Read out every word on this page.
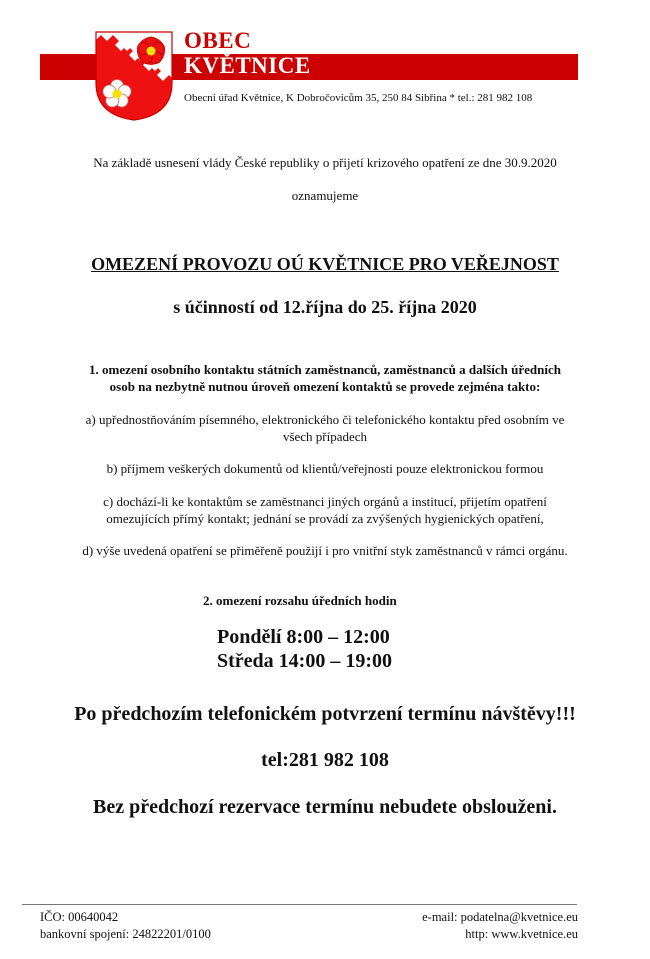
OBEC
KVĚTNICE
Obecní úřad Květnice, K Dobročovicům 35, 250 84 Sibřina * tel.: 281 982 108
Na základě usnesení vlády České republiky o přijetí krizového opatření ze dne 30.9.2020
oznamujeme
OMEZENÍ PROVOZU OÚ KVĚTNICE PRO VEŘEJNOST
s účinností od 12.října do 25. října 2020
1. omezení osobního kontaktu státních zaměstnanců, zaměstnanců a dalších úředních
osob na nezbytně nutnou úroveň omezení kontaktů se provede zejména takto:
a) upřednostňováním písemného, elektronického či telefonického kontaktu před osobním ve
všech případech
b) příjmem veškerých dokumentů od klientů/veřejnosti pouze elektronickou formou
c) dochází-li ke kontaktům se zaměstnanci jiných orgánů a institucí, přijetím opatření
omezujících přímý kontakt; jednání se provádí za zvýšených hygienických opatření,
d) výše uvedená opatření se přiměřeně použijí i pro vnitřní styk zaměstnanců v rámci orgánu.
2. omezení rozsahu úředních hodin
Pondělí 8:00 – 12:00
Středa 14:00 – 19:00
Po předchozím telefonickém potvrzení termínu návštěvy!!!
tel:281 982 108
Bez předchozí rezervace termínu nebudete obslouženi.
IČO: 00640042
bankovní spojení: 24822201/0100
e-mail: podatelna@kvetnice.eu
http: www.kvetnice.eu
